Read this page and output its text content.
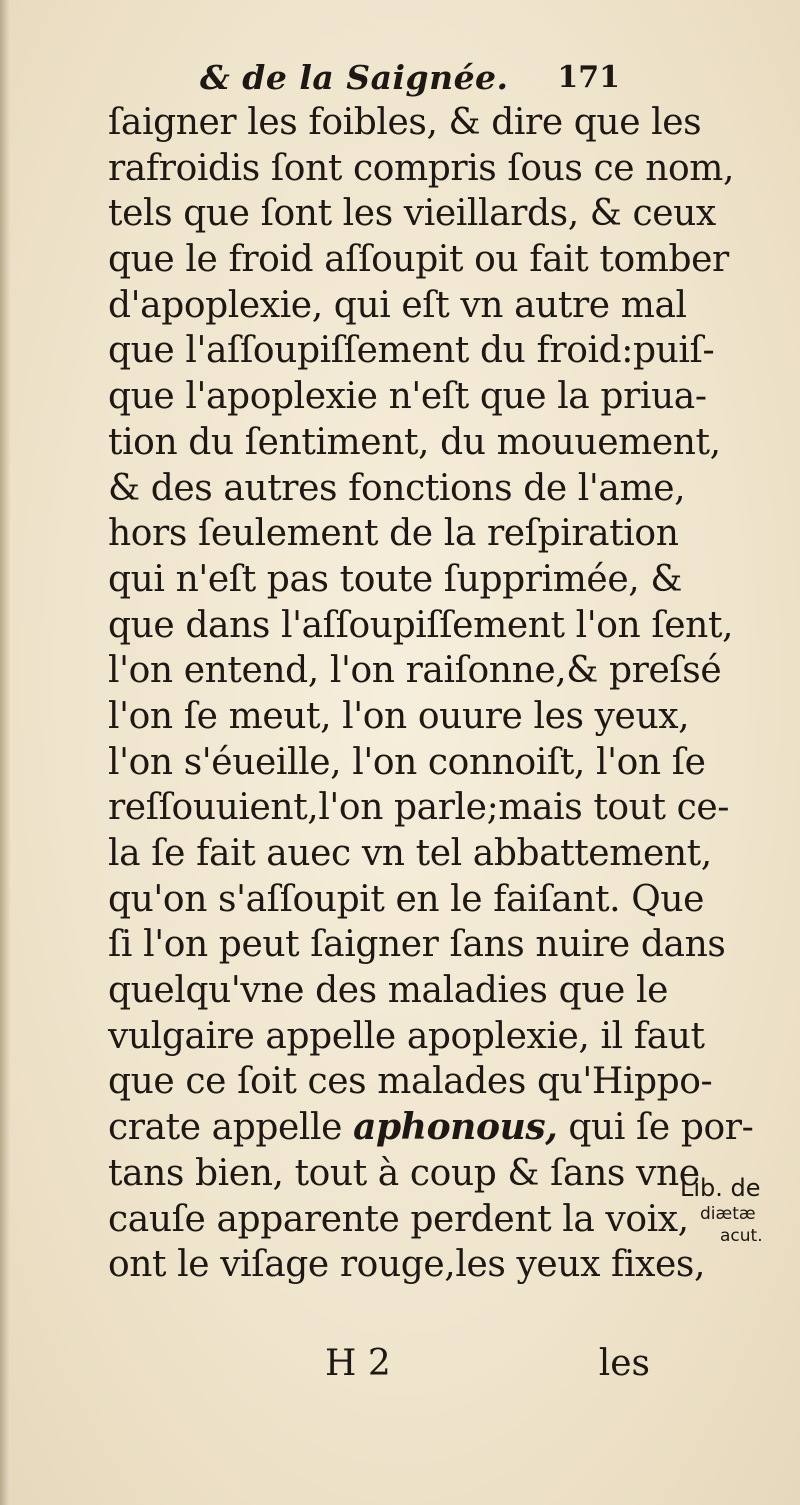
& de la Saignée. 171
ſaigner les foibles, & dire que les
rafroidis ſont compris ſous ce nom,
tels que ſont les vieillards, & ceux
que le froid aſſoupit ou fait tomber
d'apoplexie, qui eſt vn autre mal
que l'aſſoupiſſement du froid:puiſ-
que l'apoplexie n'eſt que la priua-
tion du ſentiment, du mouuement,
& des autres fonctions de l'ame,
hors ſeulement de la reſpiration
qui n'eſt pas toute ſupprimée, &
que dans l'aſſoupiſſement l'on ſent,
l'on entend, l'on raiſonne,& preſsé
l'on ſe meut, l'on ouure les yeux,
l'on s'éueille, l'on connoiſt, l'on ſe
reſſouuient,l'on parle;mais tout ce-
la ſe fait auec vn tel abbattement,
qu'on s'aſſoupit en le faiſant. Que
ſi l'on peut ſaigner ſans nuire dans
quelqu'vne des maladies que le
vulgaire appelle apoplexie, il faut
que ce ſoit ces malades qu'Hippo-
crate appelle aphonous, qui ſe por-
tans bien, tout à coup & ſans vne
cauſe apparente perdent la voix,
ont le viſage rouge,les yeux fixes,
Lib. de
diætæ
acut.
H 2	les
